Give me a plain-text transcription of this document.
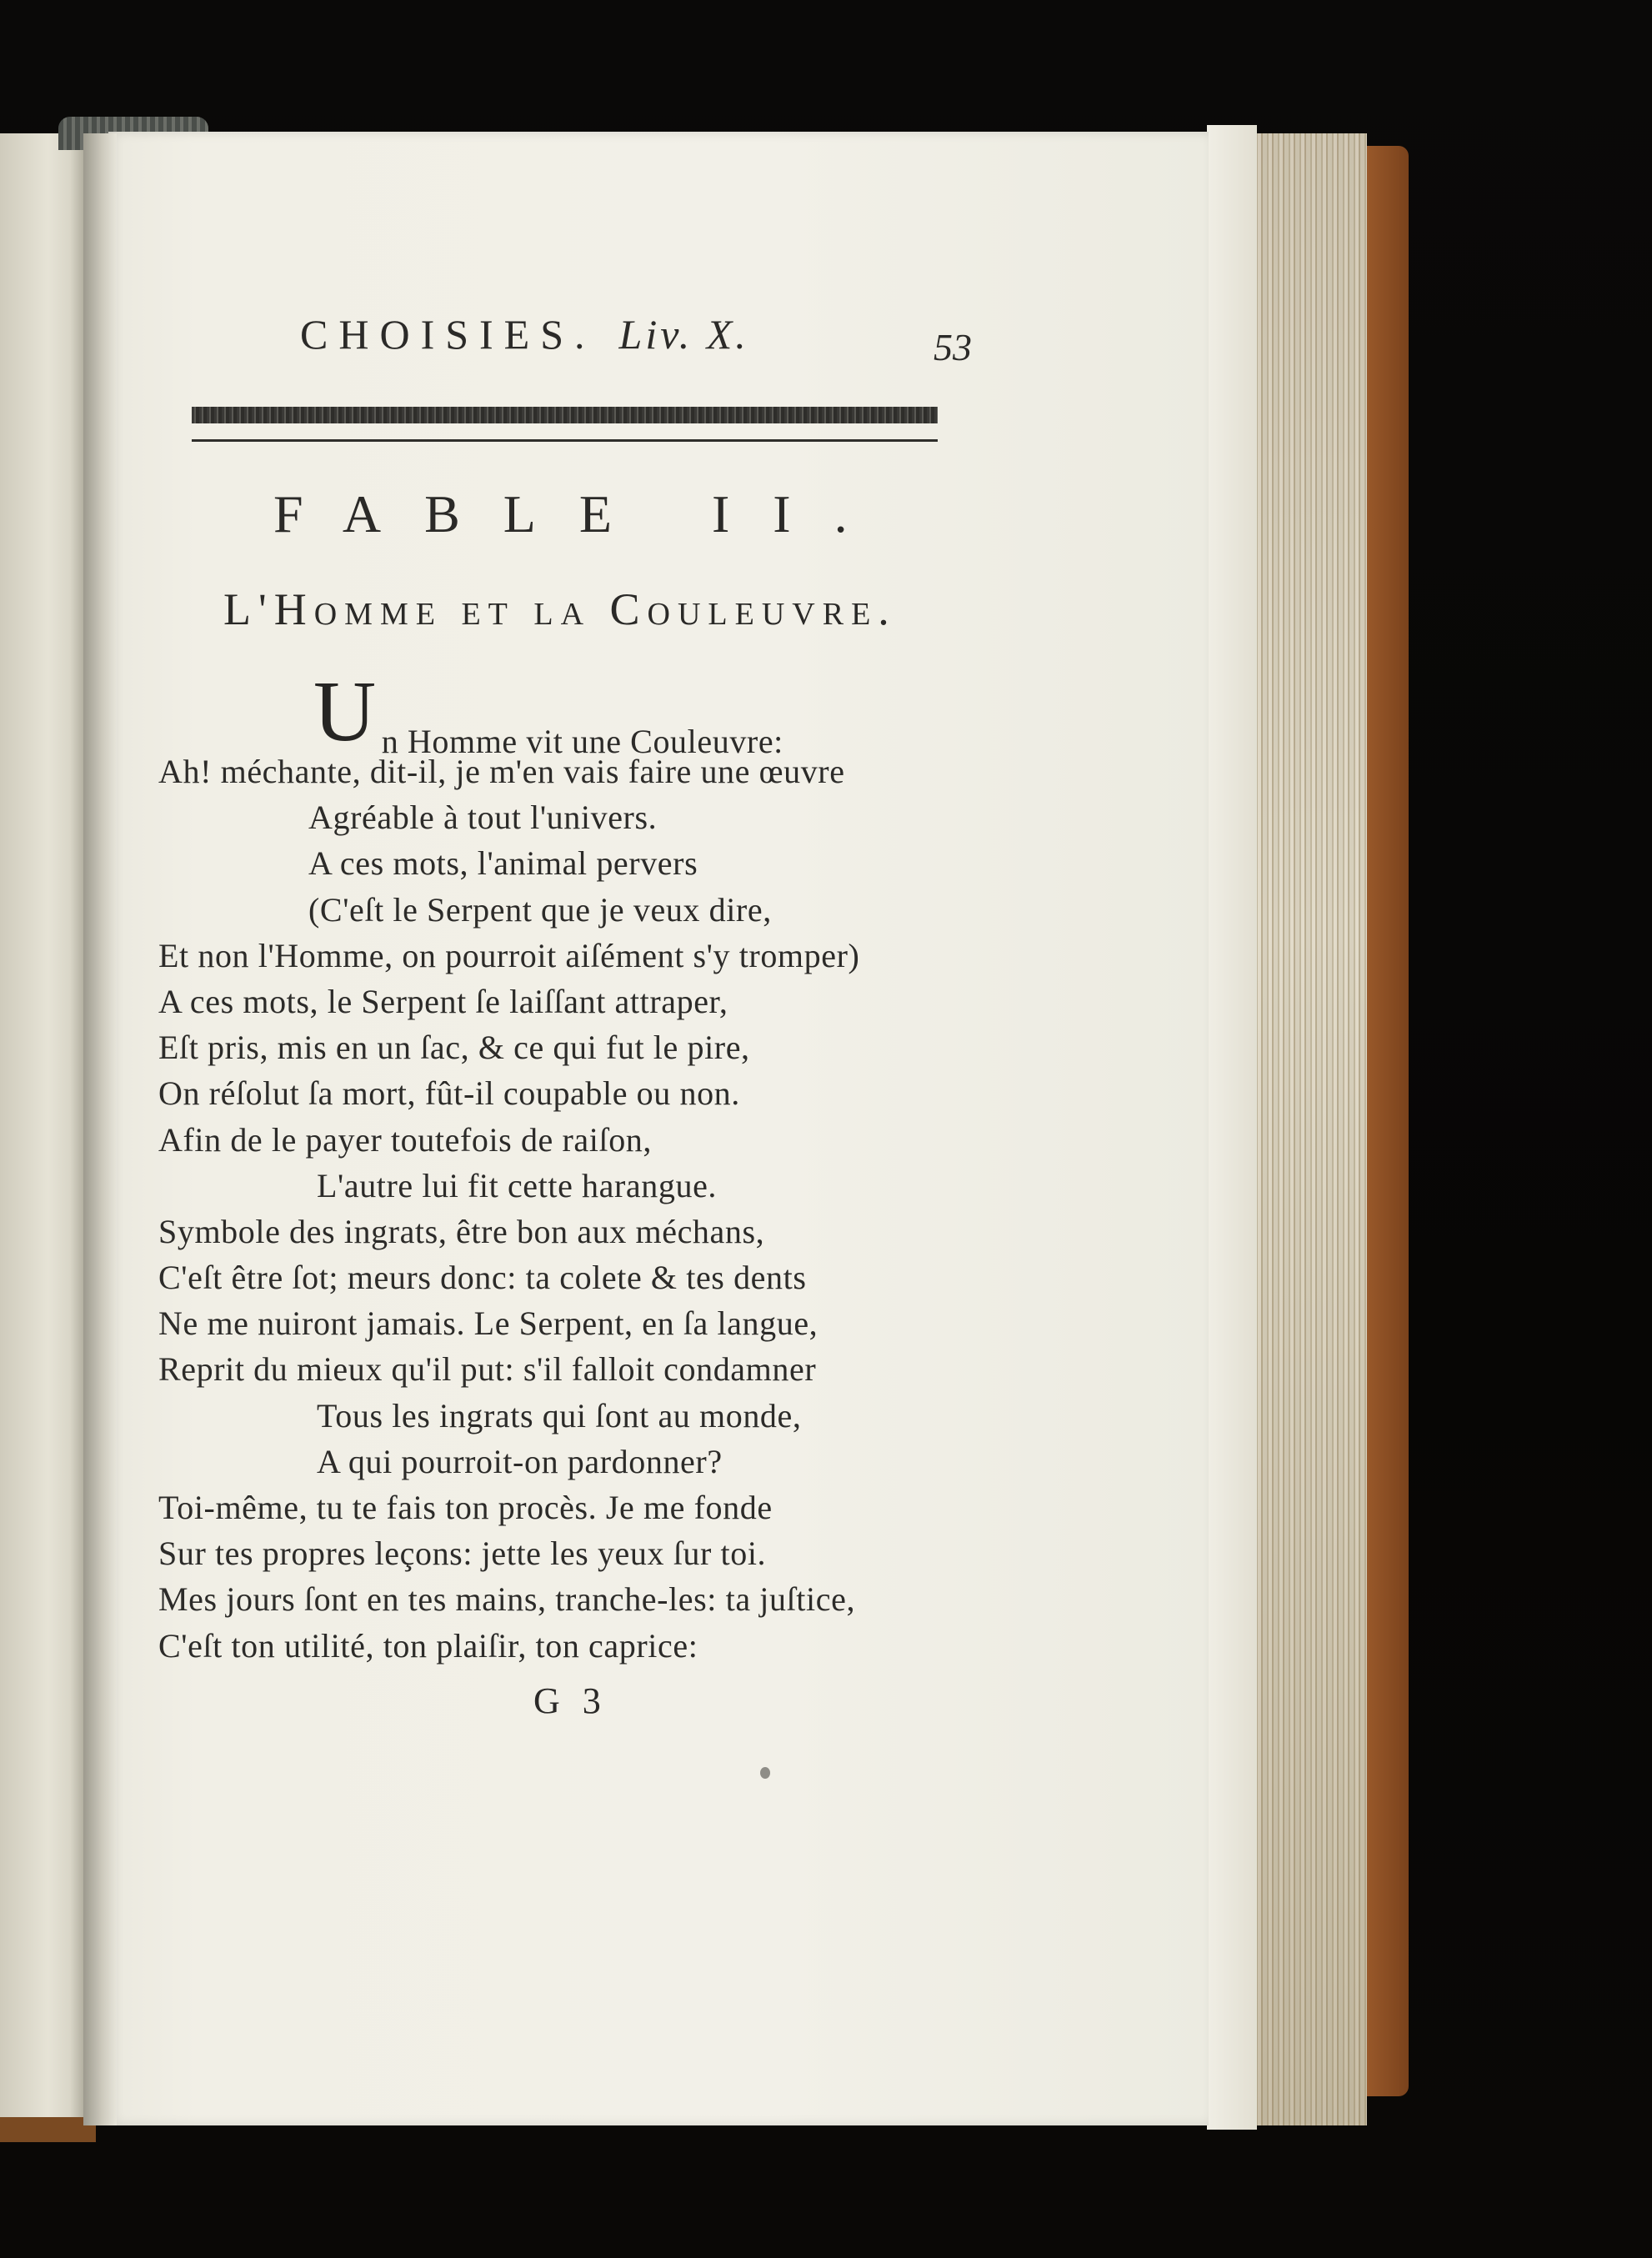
CHOISIES. Liv. X.	53
FABLE II.
L'Homme et la Couleuvre.
U n Homme vit une Couleuvre:
Ah! méchante, dit-il, je m'en vais faire une œuvre
Agréable à tout l'univers.
A ces mots, l'animal pervers
(C'eſt le Serpent que je veux dire,
Et non l'Homme, on pourroit aiſément s'y tromper)
A ces mots, le Serpent ſe laiſſant attraper,
Eſt pris, mis en un ſac, & ce qui fut le pire,
On réſolut ſa mort, fût-il coupable ou non.
Afin de le payer toutefois de raiſon,
L'autre lui fit cette harangue.
Symbole des ingrats, être bon aux méchans,
C'eſt être ſot; meurs donc: ta colete & tes dents
Ne me nuiront jamais. Le Serpent, en ſa langue,
Reprit du mieux qu'il put: s'il falloit condamner
Tous les ingrats qui ſont au monde,
A qui pourroit-on pardonner?
Toi-même, tu te fais ton procès. Je me fonde
Sur tes propres leçons: jette les yeux ſur toi.
Mes jours ſont en tes mains, tranche-les: ta juſtice,
C'eſt ton utilité, ton plaiſir, ton caprice:
G 3
